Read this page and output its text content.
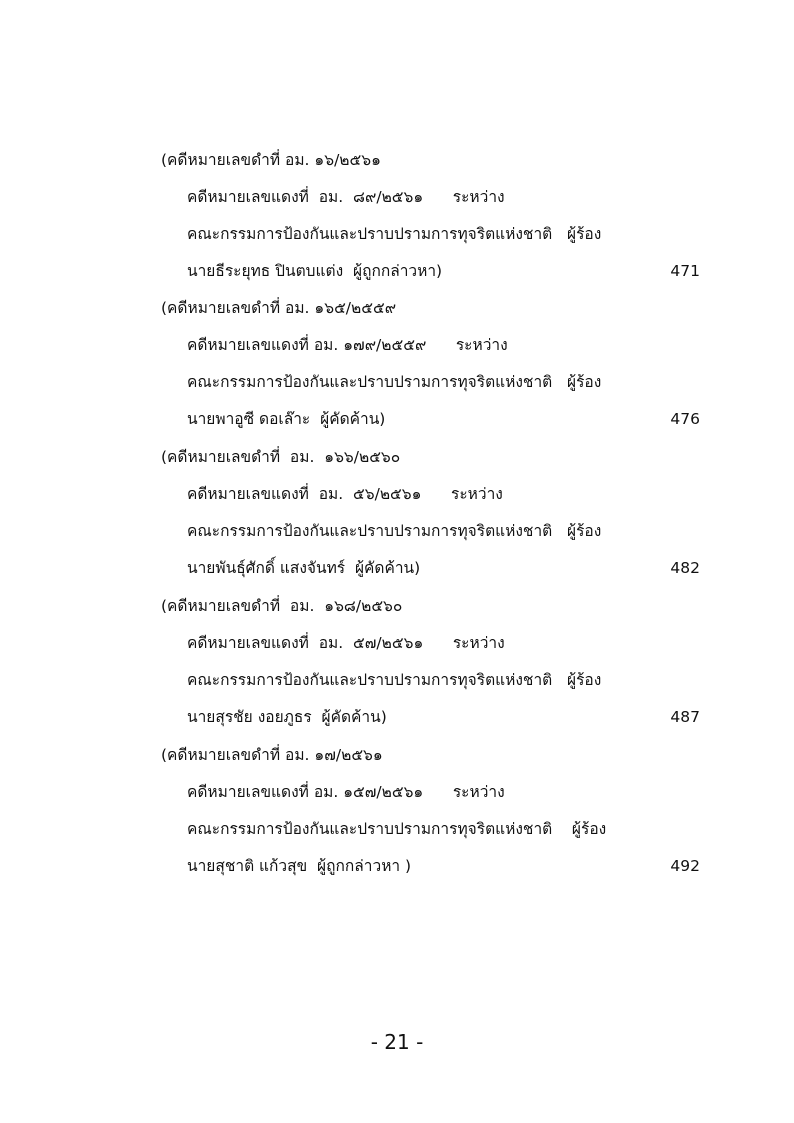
(คดีหมายเลขดำที่ อม. ๑๖/๒๕๖๑
คดีหมายเลขแดงที่  อม.  ๘๙/๒๕๖๑      ระหว่าง
คณะกรรมการป้องกันและปราบปรามการทุจริตแห่งชาติ   ผู้ร้อง
นายธีระยุทธ ปินตบแต่ง  ผู้ถูกกล่าวหา)	471
(คดีหมายเลขดำที่ อม. ๑๖๕/๒๕๕๙
คดีหมายเลขแดงที่ อม. ๑๗๙/๒๕๕๙      ระหว่าง
คณะกรรมการป้องกันและปราบปรามการทุจริตแห่งชาติ   ผู้ร้อง
นายพาอูซี ดอเล๊าะ  ผู้คัดค้าน)	476
(คดีหมายเลขดำที่  อม.  ๑๖๖/๒๕๖๐
คดีหมายเลขแดงที่  อม.  ๕๖/๒๕๖๑      ระหว่าง
คณะกรรมการป้องกันและปราบปรามการทุจริตแห่งชาติ   ผู้ร้อง
นายพันธุ์ศักดิ์ แสงจันทร์  ผู้คัดค้าน)	482
(คดีหมายเลขดำที่  อม.  ๑๖๘/๒๕๖๐
คดีหมายเลขแดงที่  อม.  ๕๗/๒๕๖๑      ระหว่าง
คณะกรรมการป้องกันและปราบปรามการทุจริตแห่งชาติ   ผู้ร้อง
นายสุรชัย งอยภูธร  ผู้คัดค้าน)	487
(คดีหมายเลขดำที่ อม. ๑๗/๒๕๖๑
คดีหมายเลขแดงที่ อม. ๑๕๗/๒๕๖๑      ระหว่าง
คณะกรรมการป้องกันและปราบปรามการทุจริตแห่งชาติ    ผู้ร้อง
นายสุชาติ แก้วสุข  ผู้ถูกกล่าวหา )	492
- 21 -
